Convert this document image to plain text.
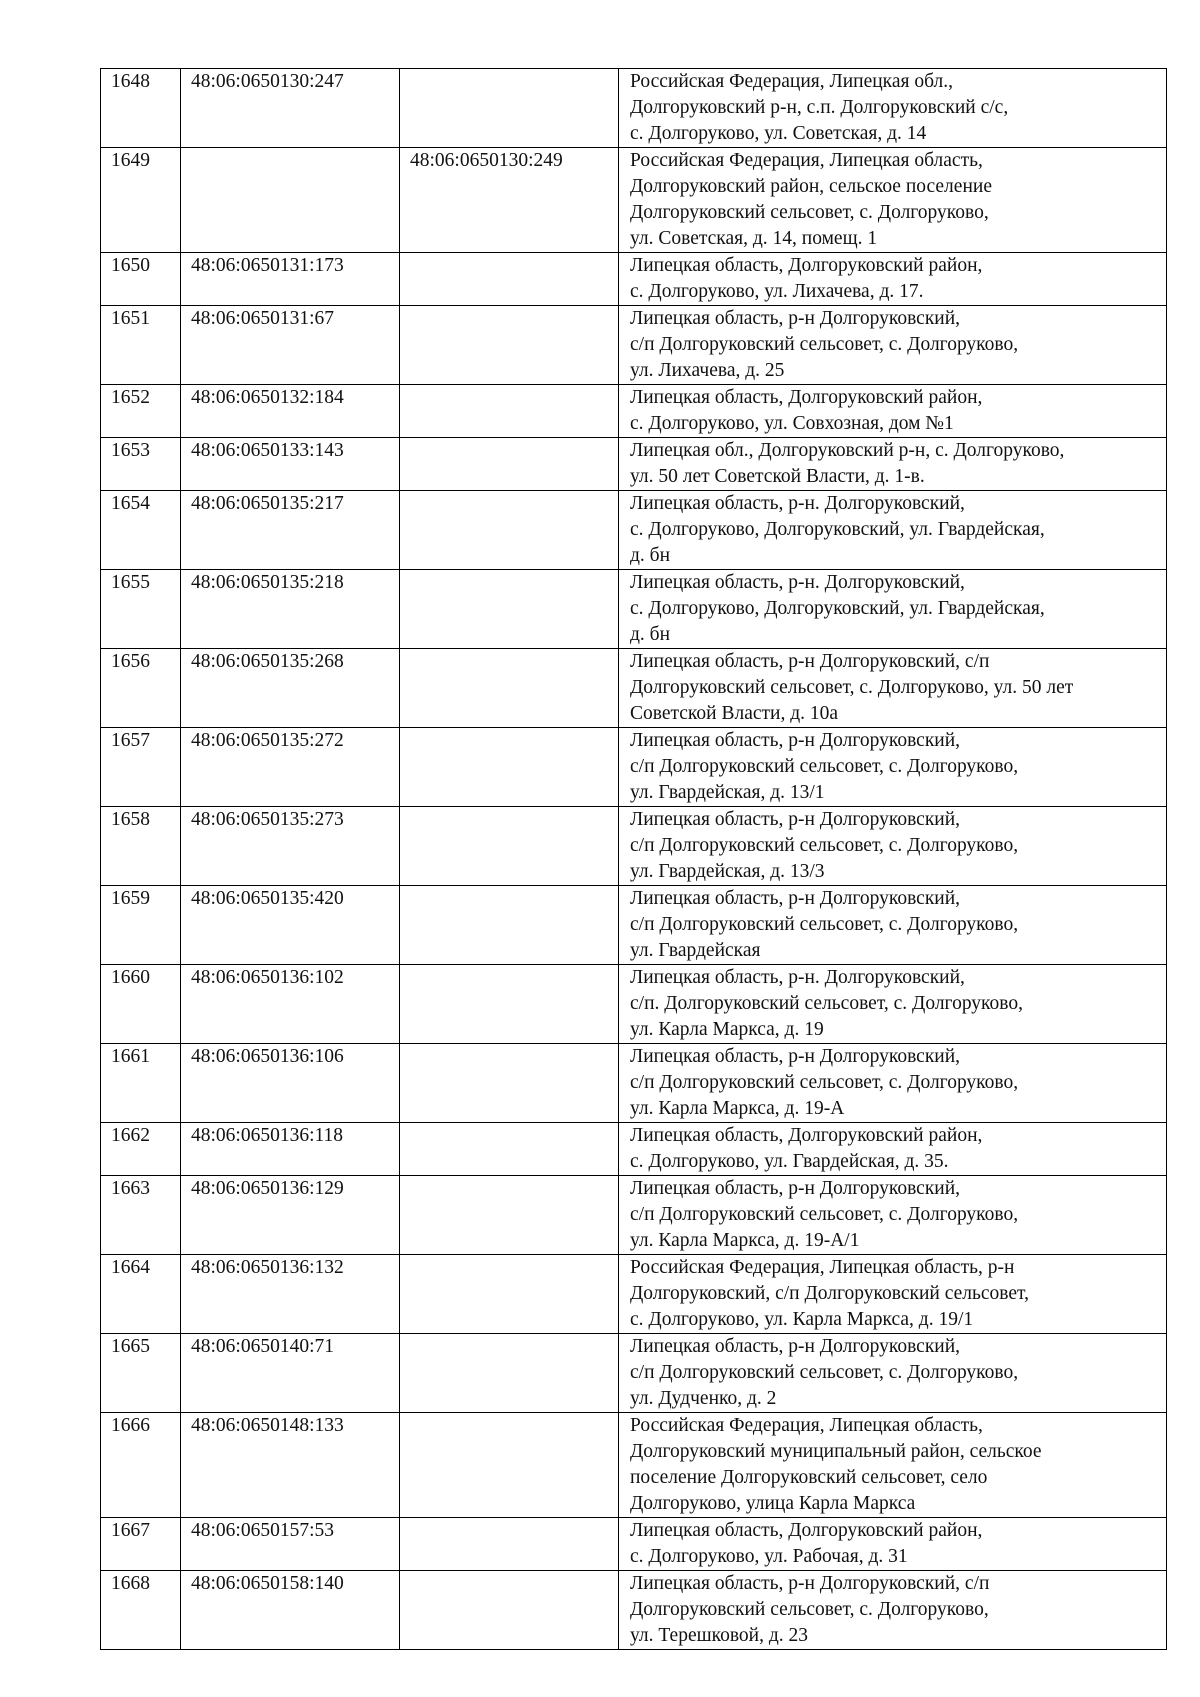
1648	48:06:0650130:247		Российская Федерация, Липецкая обл.,
Долгоруковский р-н, с.п. Долгоруковский с/с,
с. Долгоруково, ул. Советская, д. 14
1649		48:06:0650130:249	Российская Федерация, Липецкая область,
Долгоруковский район, сельское поселение
Долгоруковский сельсовет, с. Долгоруково,
ул. Советская, д. 14, помещ. 1
1650	48:06:0650131:173		Липецкая область, Долгоруковский район,
с. Долгоруково, ул. Лихачева, д. 17.
1651	48:06:0650131:67		Липецкая область, р-н Долгоруковский,
с/п Долгоруковский сельсовет, с. Долгоруково,
ул. Лихачева, д. 25
1652	48:06:0650132:184		Липецкая область, Долгоруковский район,
с. Долгоруково, ул. Совхозная, дом №1
1653	48:06:0650133:143		Липецкая обл., Долгоруковский р-н, с. Долгоруково,
ул. 50 лет Советской Власти, д. 1-в.
1654	48:06:0650135:217		Липецкая область, р-н. Долгоруковский,
с. Долгоруково, Долгоруковский, ул. Гвардейская,
д. бн
1655	48:06:0650135:218		Липецкая область, р-н. Долгоруковский,
с. Долгоруково, Долгоруковский, ул. Гвардейская,
д. бн
1656	48:06:0650135:268		Липецкая область, р-н Долгоруковский, с/п
Долгоруковский сельсовет, с. Долгоруково, ул. 50 лет
Советской Власти, д. 10а
1657	48:06:0650135:272		Липецкая область, р-н Долгоруковский,
с/п Долгоруковский сельсовет, с. Долгоруково,
ул. Гвардейская, д. 13/1
1658	48:06:0650135:273		Липецкая область, р-н Долгоруковский,
с/п Долгоруковский сельсовет, с. Долгоруково,
ул. Гвардейская, д. 13/3
1659	48:06:0650135:420		Липецкая область, р-н Долгоруковский,
с/п Долгоруковский сельсовет, с. Долгоруково,
ул. Гвардейская
1660	48:06:0650136:102		Липецкая область, р-н. Долгоруковский,
с/п. Долгоруковский сельсовет, с. Долгоруково,
ул. Карла Маркса, д. 19
1661	48:06:0650136:106		Липецкая область, р-н Долгоруковский,
с/п Долгоруковский сельсовет, с. Долгоруково,
ул. Карла Маркса, д. 19-А
1662	48:06:0650136:118		Липецкая область, Долгоруковский район,
с. Долгоруково, ул. Гвардейская, д. 35.
1663	48:06:0650136:129		Липецкая область, р-н Долгоруковский,
с/п Долгоруковский сельсовет, с. Долгоруково,
ул. Карла Маркса, д. 19-А/1
1664	48:06:0650136:132		Российская Федерация, Липецкая область, р-н
Долгоруковский, с/п Долгоруковский сельсовет,
с. Долгоруково, ул. Карла Маркса, д. 19/1
1665	48:06:0650140:71		Липецкая область, р-н Долгоруковский,
с/п Долгоруковский сельсовет, с. Долгоруково,
ул. Дудченко, д. 2
1666	48:06:0650148:133		Российская Федерация, Липецкая область,
Долгоруковский муниципальный район, сельское
поселение Долгоруковский сельсовет, село
Долгоруково, улица Карла Маркса
1667	48:06:0650157:53		Липецкая область, Долгоруковский район,
с. Долгоруково, ул. Рабочая, д. 31
1668	48:06:0650158:140		Липецкая область, р-н Долгоруковский, с/п
Долгоруковский сельсовет, с. Долгоруково,
ул. Терешковой, д. 23
